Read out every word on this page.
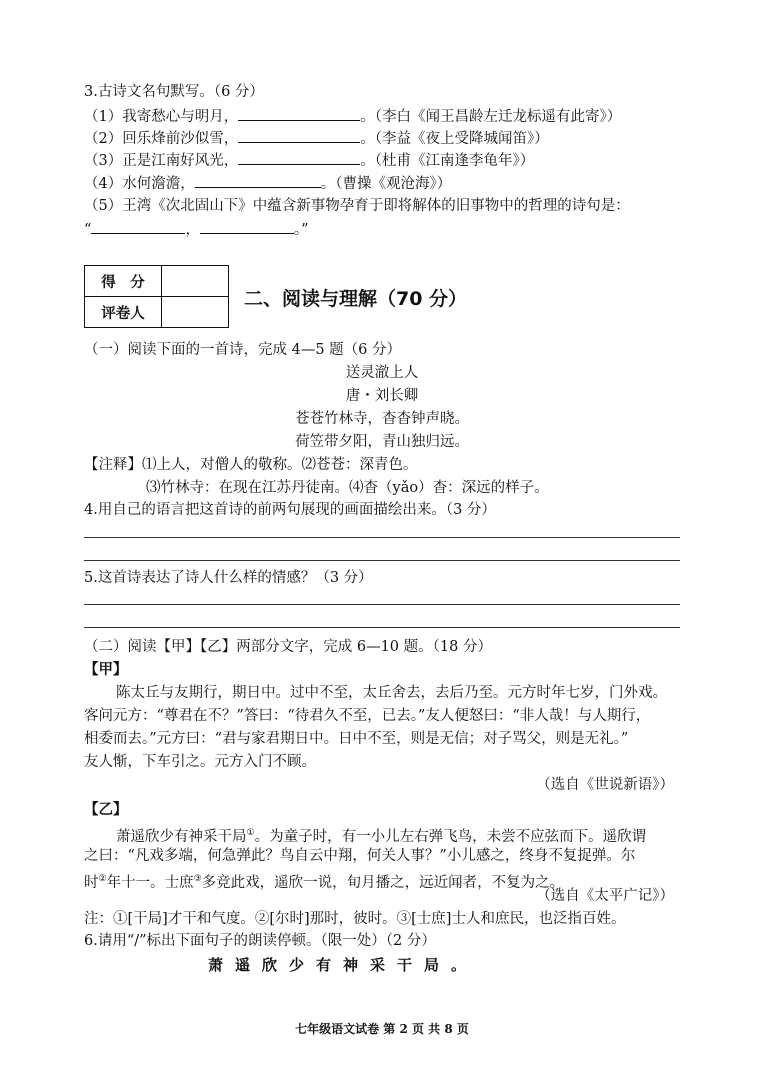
3.古诗文名句默写。（6 分）
（1）我寄愁心与明月，	。（李白《闻王昌龄左迁龙标遥有此寄》）
（2）回乐烽前沙似雪，	。（李益《夜上受降城闻笛》）
（3）正是江南好风光，	。（杜甫《江南逢李龟年》）
（4）水何澹澹，	。（曹操《观沧海》）
（5）王湾《次北固山下》中蕴含新事物孕育于即将解体的旧事物中的哲理的诗句是：
“	，	。”
得　分	
评卷人	
二、阅读与理解（70 分）
（一）阅读下面的一首诗，完成 4—5 题（6 分）
送灵澈上人
唐・刘长卿
苍苍竹林寺，杳杳钟声晓。
荷笠带夕阳，青山独归远。
【注释】⑴上人，对僧人的敬称。⑵苍苍：深青色。
⑶竹林寺：在现在江苏丹徒南。⑷杳（yǎo）杳：深远的样子。
4.用自己的语言把这首诗的前两句展现的画面描绘出来。（3 分）
5.这首诗表达了诗人什么样的情感？（3 分）
（二）阅读【甲】【乙】两部分文字，完成 6—10 题。（18 分）
【甲】
陈太丘与友期行，期日中。过中不至，太丘舍去，去后乃至。元方时年七岁，门外戏。
客问元方：“尊君在不？”答曰：“待君久不至，已去。”友人便怒曰：“非人哉！与人期行，
相委而去。”元方曰：“君与家君期日中。日中不至，则是无信；对子骂父，则是无礼。”
友人惭，下车引之。元方入门不顾。
（选自《世说新语》）
【乙】
萧遥欣少有神采干局①。为童子时，有一小儿左右弹飞鸟，未尝不应弦而下。遥欣谓
之曰：“凡戏多端，何急弹此？鸟自云中翔，何关人事？”小儿感之，终身不复捉弹。尔
时②年十一。士庶③多竞此戏，遥欣一说，旬月播之，远近闻者，不复为之。
（选自《太平广记》）
注：①[干局]才干和气度。②[尔时]那时，彼时。③[士庶]士人和庶民，也泛指百姓。
6.请用“/”标出下面句子的朗读停顿。（限一处）（2 分）
萧遥欣少有神采干局。
七年级语文试卷 第 2 页 共 8 页
